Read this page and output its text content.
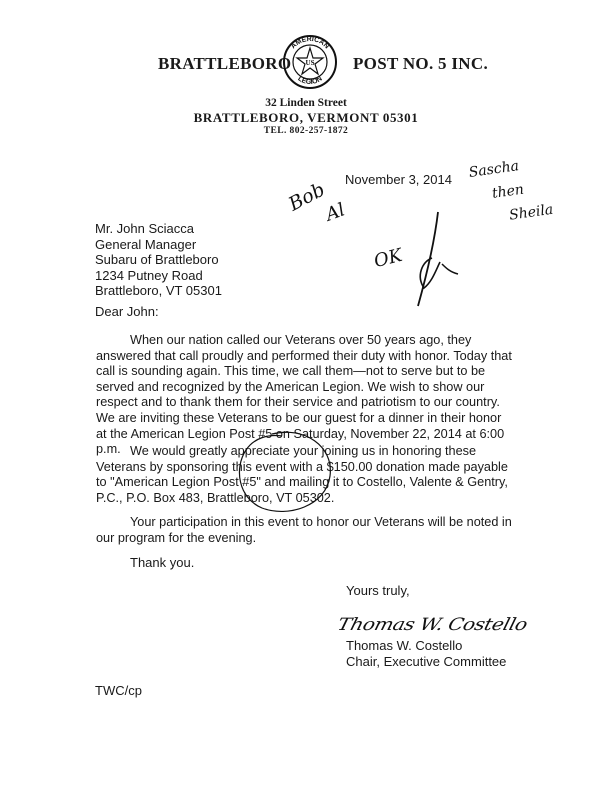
BRATTLEBORO
AMERICAN
LEGION
US POST NO. 5 INC.
32 Linden Street
BRATTLEBORO, VERMONT 05301
TEL. 802-257-1872
November 3, 2014 Sascha
then
Sheila
Bob
Al
OK
Mr. John Sciacca
General Manager
Subaru of Brattleboro
1234 Putney Road
Brattleboro, VT 05301
Dear John:
When our nation called our Veterans over 50 years ago, they answered that call proudly and performed their duty with honor. Today that call is sounding again. This time, we call them—not to serve but to be served and recognized by the American Legion. We wish to show our respect and to thank them for their service and patriotism to our country. We are inviting these Veterans to be our guest for a dinner in their honor at the American Legion Post #5 on Saturday, November 22, 2014 at 6:00 p.m. We would greatly appreciate your joining us in honoring these Veterans by sponsoring this event with a $150.00 donation made payable to "American Legion Post #5" and mailing it to Costello, Valente & Gentry, P.C., P.O. Box 483, Brattleboro, VT 05302.
Your participation in this event to honor our Veterans will be noted in our program for the evening.
Thank you.
Yours truly,
Thomas W. Costello
Thomas W. Costello
Chair, Executive Committee
TWC/cp
